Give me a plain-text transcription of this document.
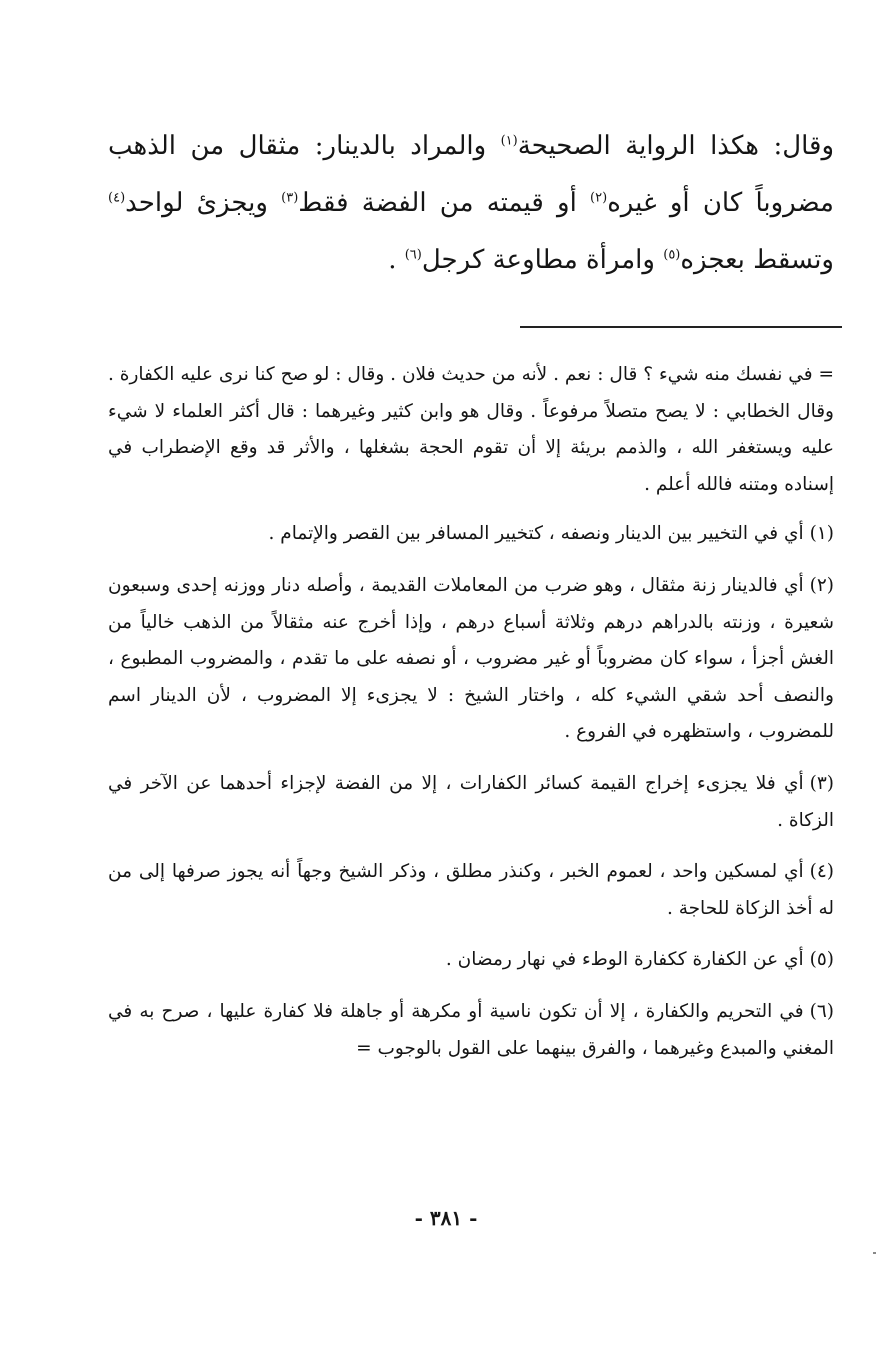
وقال: هكذا الرواية الصحيحة$^{(١)}$ والمراد بالدينار: مثقال من الذهب مضروباً كان أو غيره$^{(٢)}$ أو قيمته من الفضة فقط$^{(٣)}$ ويجزئ لواحد$^{(٤)}$ وتسقط بعجزه$^{(٥)}$ وامرأة مطاوعة كرجل$^{(٦)}$ .

= في نفسك منه شيء ؟ قال : نعم . لأنه من حديث فلان . وقال : لو صح كنا نرى عليه الكفارة . وقال الخطابي : لا يصح متصلاً مرفوعاً . وقال هو وابن كثير وغيرهما : قال أكثر العلماء لا شيء عليه ويستغفر الله ، والذمم بريئة إلا أن تقوم الحجة بشغلها ، والأثر قد وقع الإضطراب في إسناده ومتنه فالله أعلم .

(١)أي في التخيير بين الدينار ونصفه ، كتخيير المسافر بين القصر والإتمام .

(٢)أي فالدينار زنة مثقال ، وهو ضرب من المعاملات القديمة ، وأصله دنار ووزنه إحدى وسبعون شعيرة ، وزنته بالدراهم درهم وثلاثة أسباع درهم ، وإذا أخرج عنه مثقالاً من الذهب خالياً من الغش أجزأ ، سواء كان مضروباً أو غير مضروب ، أو نصفه على ما تقدم ، والمضروب المطبوع ، والنصف أحد شقي الشيء كله ، واختار الشيخ : لا يجزىء إلا المضروب ، لأن الدينار اسم للمضروب ، واستظهره في الفروع .

(٣)أي فلا يجزىء إخراج القيمة كسائر الكفارات ، إلا من الفضة لإجزاء أحدهما عن الآخر في الزكاة .

(٤)أي لمسكين واحد ، لعموم الخبر ، وكنذر مطلق ، وذكر الشيخ وجهاً أنه يجوز صرفها إلى من له أخذ الزكاة للحاجة .

(٥)أي عن الكفارة ككفارة الوطء في نهار رمضان .

(٦)في التحريم والكفارة ، إلا أن تكون ناسية أو مكرهة أو جاهلة فلا كفارة عليها ، صرح به في المغني والمبدع وغيرهما ، والفرق بينهما على القول بالوجوب =

- ٣٨١ -
